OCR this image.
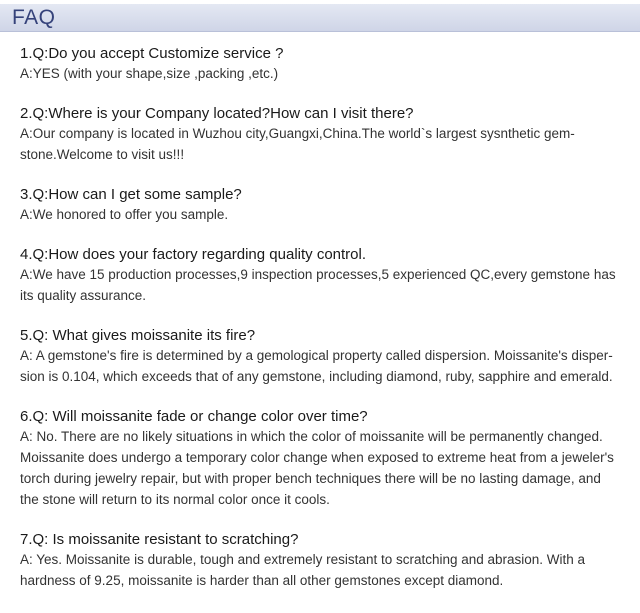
FAQ
1.Q:Do you accept Customize service ?
A:YES (with your shape,size ,packing ,etc.)
2.Q:Where is your Company located?How can I visit there?
A:Our company is located in Wuzhou city,Guangxi,China.The world`s largest sysnthetic gem-
stone.Welcome to visit us!!!
3.Q:How can I get some sample?
A:We honored to offer you sample.
4.Q:How does your factory regarding quality control.
A:We have 15 production processes,9 inspection processes,5 experienced QC,every gemstone has
its quality assurance.
5.Q: What gives moissanite its fire?
A: A gemstone's fire is determined by a gemological property called dispersion. Moissanite's disper-
sion is 0.104, which exceeds that of any gemstone, including diamond, ruby, sapphire and emerald.
6.Q: Will moissanite fade or change color over time?
A: No. There are no likely situations in which the color of moissanite will be permanently changed.
Moissanite does undergo a temporary color change when exposed to extreme heat from a jeweler's
torch during jewelry repair, but with proper bench techniques there will be no lasting damage, and
the stone will return to its normal color once it cools.
7.Q: Is moissanite resistant to scratching?
A: Yes. Moissanite is durable, tough and extremely resistant to scratching and abrasion. With a
hardness of 9.25, moissanite is harder than all other gemstones except diamond.
